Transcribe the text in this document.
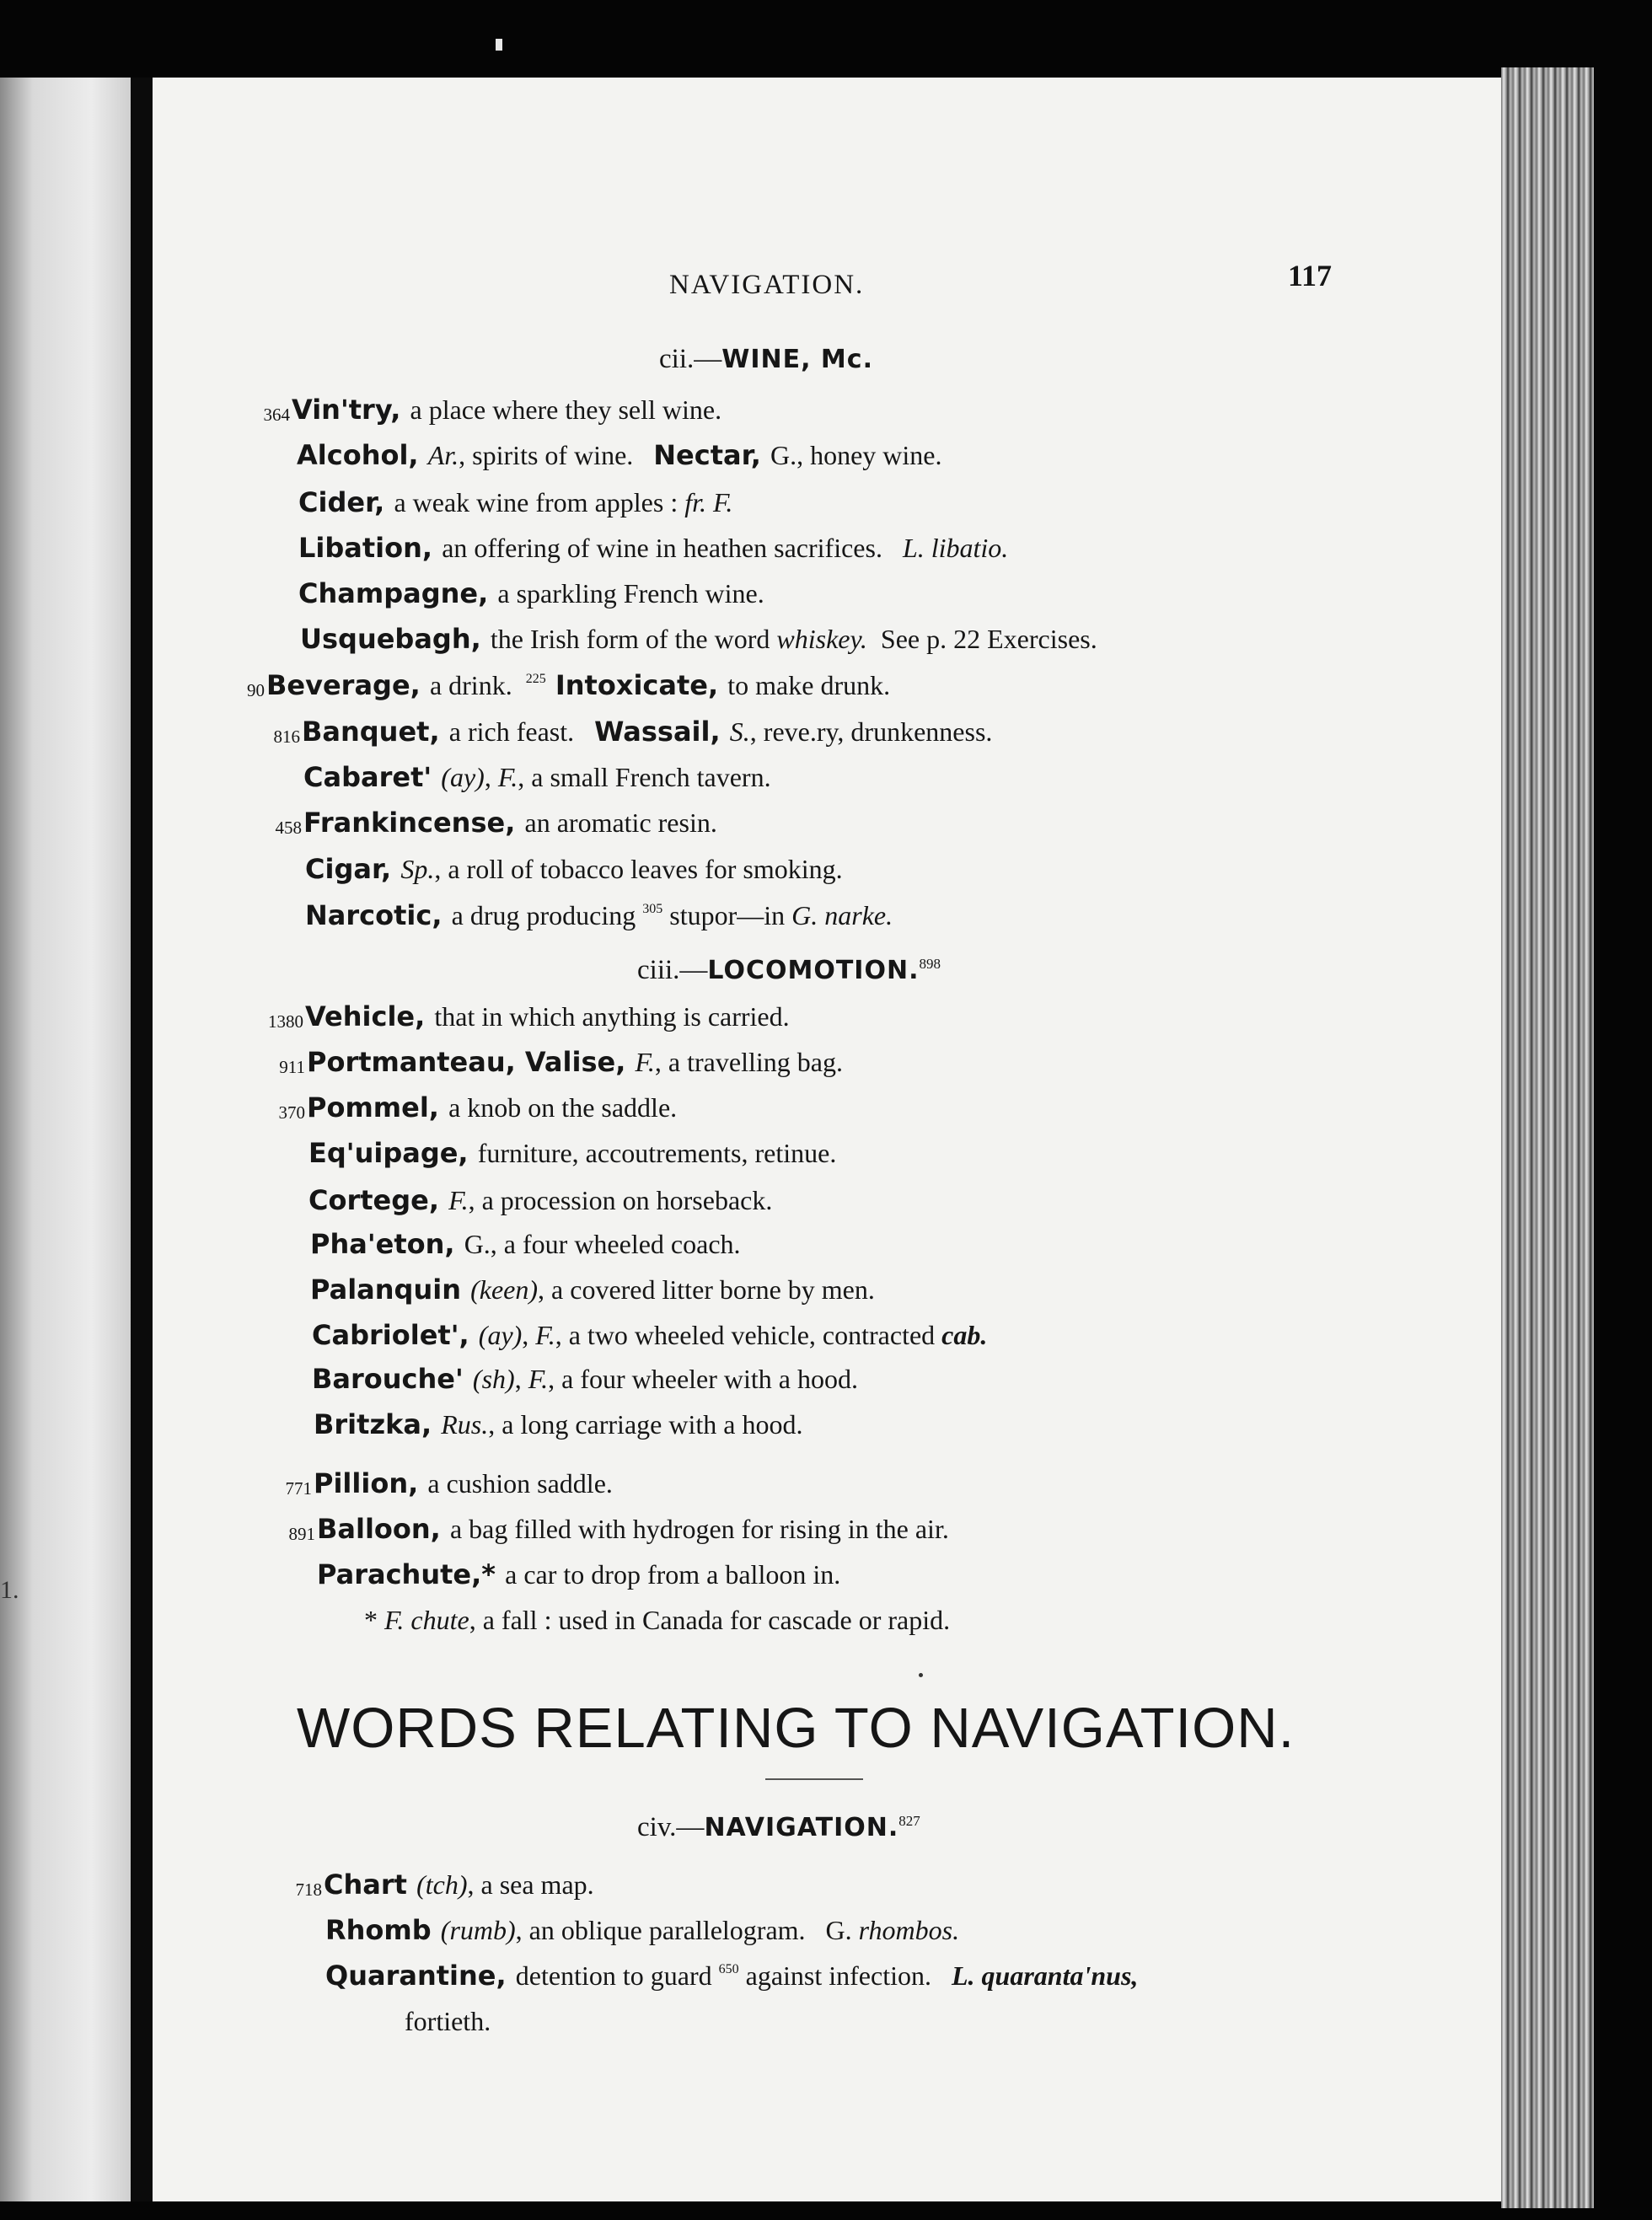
1.
NAVIGATION.	117
cii.—WINE, Mc.
364 Vin'try, a place where they sell wine.
Alcohol, Ar., spirits of wine.   Nectar, G., honey wine.
Cider, a weak wine from apples : fr. F.
Libation, an offering of wine in heathen sacrifices.   L. libatio.
Champagne, a sparkling French wine.
Usquebagh, the Irish form of the word whiskey.  See p. 22 Exercises.
90 Beverage, a drink.  $^{225}$ Intoxicate, to make drunk.
816 Banquet, a rich feast.   Wassail, S., reve.ry, drunkenness.
Cabaret' (ay), F., a small French tavern.
458 Frankincense, an aromatic resin.
Cigar, Sp., a roll of tobacco leaves for smoking.
Narcotic, a drug producing $^{305}$ stupor—in G. narke.
ciii.—LOCOMOTION.$^{898}$
1380 Vehicle, that in which anything is carried.
911 Portmanteau, Valise, F., a travelling bag.
370 Pommel, a knob on the saddle.
Eq'uipage, furniture, accoutrements, retinue.
Cortege, F., a procession on horseback.
Pha'eton, G., a four wheeled coach.
Palanquin (keen), a covered litter borne by men.
Cabriolet', (ay), F., a two wheeled vehicle, contracted cab.
Barouche' (sh), F., a four wheeler with a hood.
Britzka, Rus., a long carriage with a hood.
771 Pillion, a cushion saddle.
891 Balloon, a bag filled with hydrogen for rising in the air.
Parachute,* a car to drop from a balloon in.
* F. chute, a fall : used in Canada for cascade or rapid.
WORDS RELATING TO NAVIGATION.
civ.—NAVIGATION.$^{827}$
718 Chart (tch), a sea map.
Rhomb (rumb), an oblique parallelogram.   G. rhombos.
Quarantine, detention to guard $^{650}$ against infection.   L. quaranta'nus,
fortieth.
